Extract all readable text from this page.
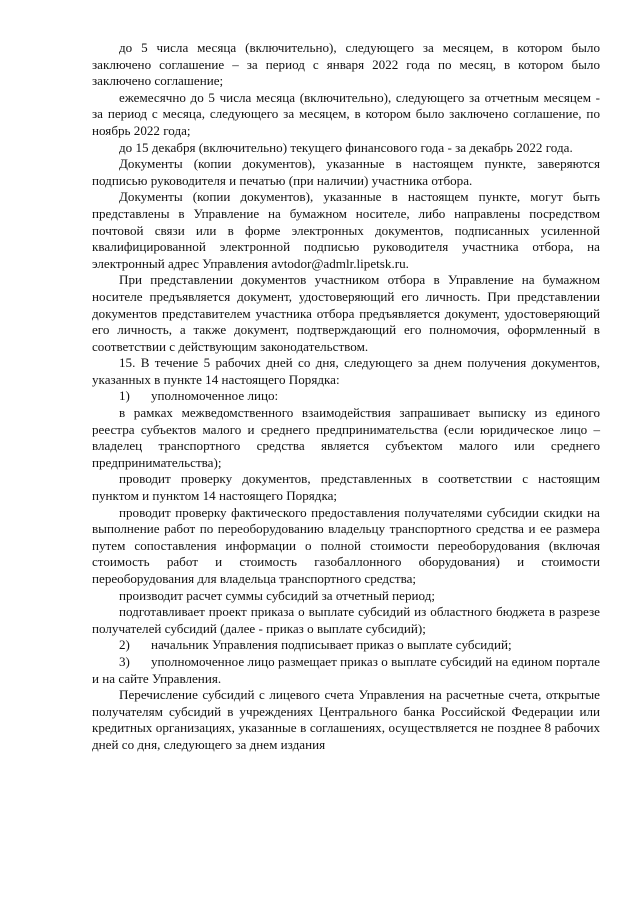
до 5 числа месяца (включительно), следующего за месяцем, в котором было заключено соглашение – за период с января 2022 года по месяц, в котором было заключено соглашение;

ежемесячно до 5 числа месяца (включительно), следующего за отчетным месяцем - за период с месяца, следующего за месяцем, в котором было заключено соглашение, по ноябрь 2022 года;

до 15 декабря (включительно) текущего финансового года - за декабрь 2022 года.

Документы (копии документов), указанные в настоящем пункте, заверяются подписью руководителя и печатью (при наличии) участника отбора.

Документы (копии документов), указанные в настоящем пункте, могут быть представлены в Управление на бумажном носителе, либо направлены посредством почтовой связи или в форме электронных документов, подписанных усиленной квалифицированной электронной подписью руководителя участника отбора, на электронный адрес Управления avtodor@admlr.lipetsk.ru.

При представлении документов участником отбора в Управление на бумажном носителе предъявляется документ, удостоверяющий его личность. При представлении документов представителем участника отбора предъявляется документ, удостоверяющий его личность, а также документ, подтверждающий его полномочия, оформленный в соответствии с действующим законодательством.

15. В течение 5 рабочих дней со дня, следующего за днем получения документов, указанных в пункте 14 настоящего Порядка:

1) уполномоченное лицо:

в рамках межведомственного взаимодействия запрашивает выписку из единого реестра субъектов малого и среднего предпринимательства (если юридическое лицо – владелец транспортного средства является субъектом малого или среднего предпринимательства);

проводит проверку документов, представленных в соответствии с настоящим пунктом и пунктом 14 настоящего Порядка;

проводит проверку фактического предоставления получателями субсидии скидки на выполнение работ по переоборудованию владельцу транспортного средства и ее размера путем сопоставления информации о полной стоимости переоборудования (включая стоимость работ и стоимость газобаллонного оборудования) и стоимости переоборудования для владельца транспортного средства;

производит расчет суммы субсидий за отчетный период;

подготавливает проект приказа о выплате субсидий из областного бюджета в разрезе получателей субсидий (далее - приказ о выплате субсидий);

2) начальник Управления подписывает приказ о выплате субсидий;

3) уполномоченное лицо размещает приказ о выплате субсидий на едином портале и на сайте Управления.

Перечисление субсидий с лицевого счета Управления на расчетные счета, открытые получателям субсидий в учреждениях Центрального банка Российской Федерации или кредитных организациях, указанные в соглашениях, осуществляется не позднее 8 рабочих дней со дня, следующего за днем издания
